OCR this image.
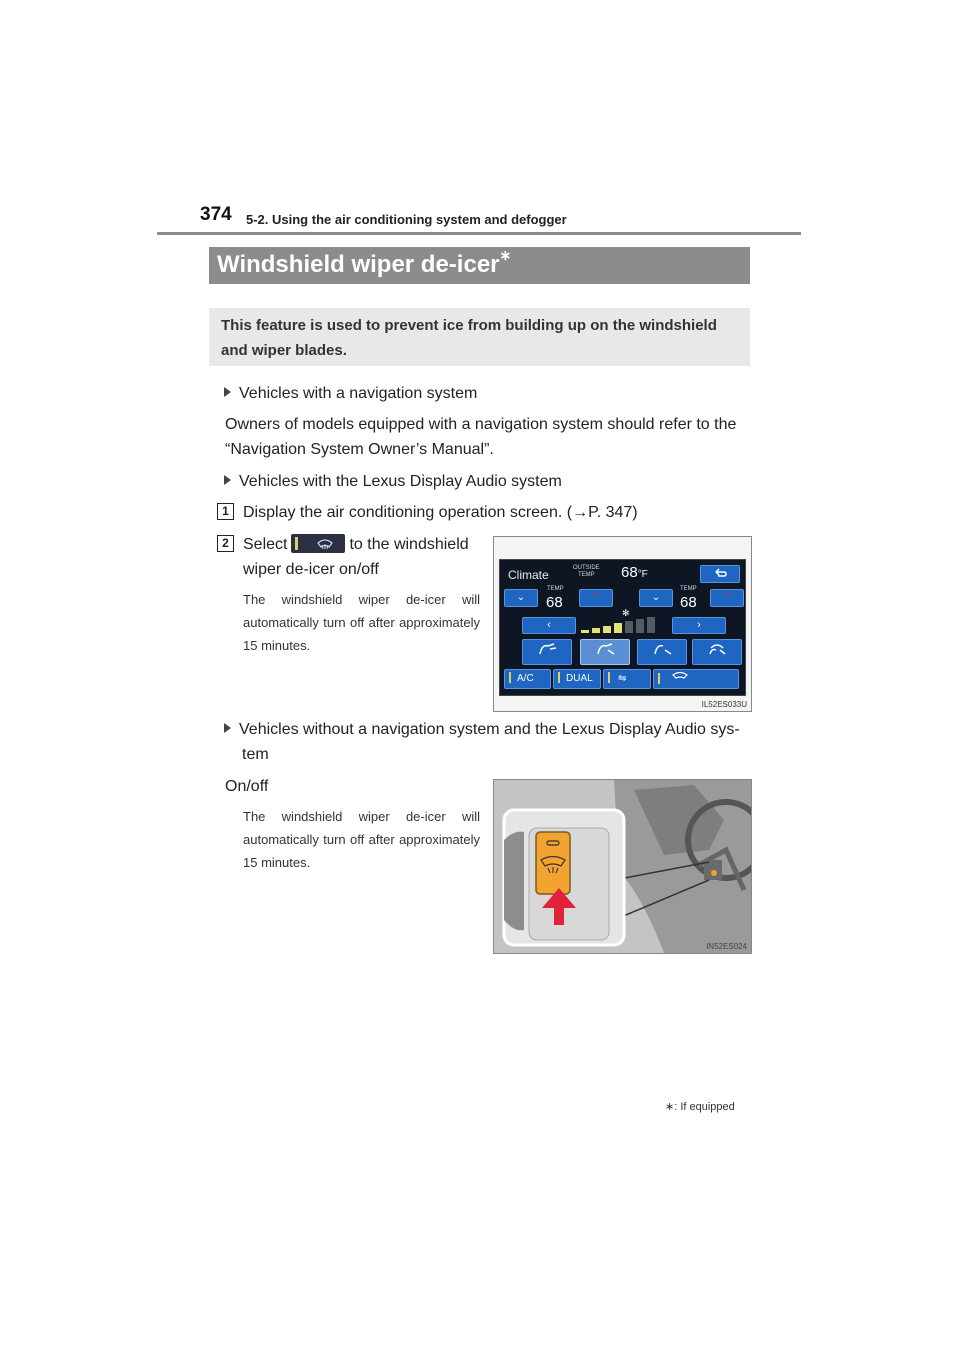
374 5-2. Using the air conditioning system and defogger
Windshield wiper de-icer∗
This feature is used to prevent ice from building up on the windshield and wiper blades.
Vehicles with a navigation system
Owners of models equipped with a navigation system should refer to the
“Navigation System Owner’s Manual”.
Vehicles with the Lexus Display Audio system
1 Display the air conditioning operation screen. (→P. 347)
2 Select	to the windshield
wiper de-icer on/off
The windshield wiper de-icer will automatically turn off after approximately 15 minutes.
Climate	OUTSIDE
TEMP	68°F
TEMP
68
TEMP
68
⌄	⌃	⌄	⌃
✻
‹	›
A/C	DUAL	⇋
IL52ES033U
Vehicles without a navigation system and the Lexus Display Audio sys-
tem
On/off
The windshield wiper de-icer will automatically turn off after approximately 15 minutes.
IN52ES024
∗: If equipped
